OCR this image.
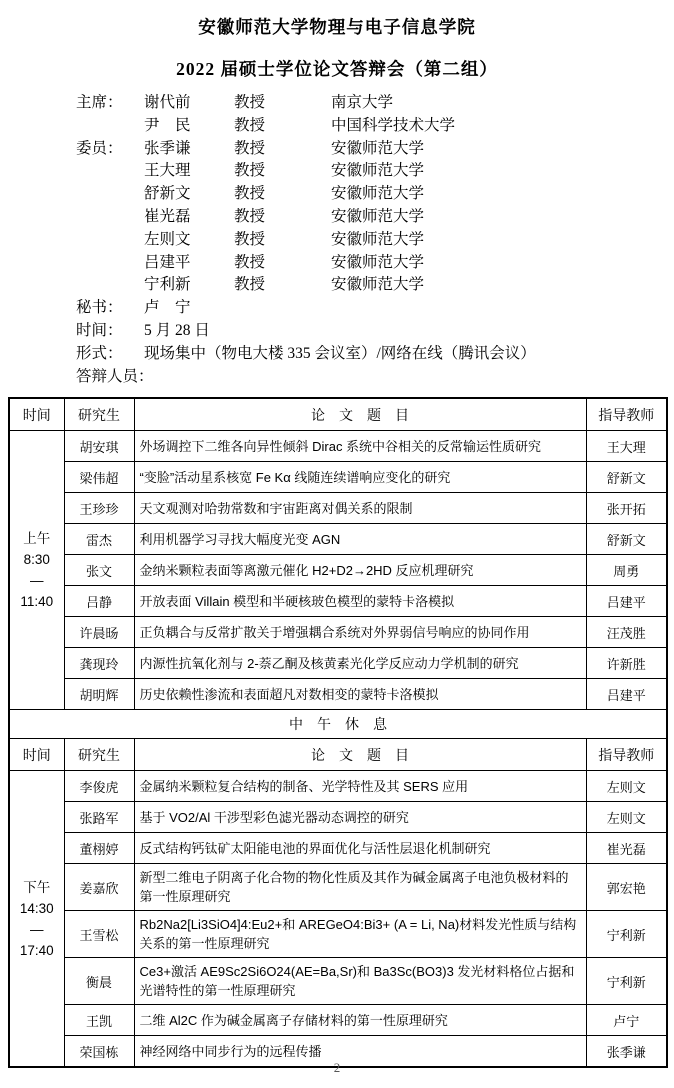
安徽师范大学物理与电子信息学院
2022 届硕士学位论文答辩会（第二组）
主席：	谢代前	教授	南京大学
尹　民	教授	中国科学技术大学
委员：	张季谦	教授	安徽师范大学
王大理	教授	安徽师范大学
舒新文	教授	安徽师范大学
崔光磊	教授	安徽师范大学
左则文	教授	安徽师范大学
吕建平	教授	安徽师范大学
宁利新	教授	安徽师范大学
秘书：	卢　宁
时间：	5 月 28 日
形式：	现场集中（物电大楼 335 会议室）/网络在线（腾讯会议）
答辩人员：
时间	研究生	论　文　题　目	指导教师

上午
8:30
—
11:40	胡安琪	外场调控下二维各向异性倾斜 Dirac 系统中谷相关的反常输运性质研究	王大理
	梁伟超	“变脸”活动星系核宽 Fe Kα 线随连续谱响应变化的研究	舒新文
	王珍珍	天文观测对哈勃常数和宇宙距离对偶关系的限制	张开拓
	雷杰	利用机器学习寻找大幅度光变 AGN	舒新文
	张文	金纳米颗粒表面等离激元催化 H2+D2→2HD 反应机理研究	周勇
	吕静	开放表面 Villain 模型和半硬核玻色模型的蒙特卡洛模拟	吕建平
	许晨旸	正负耦合与反常扩散关于增强耦合系统对外界弱信号响应的协同作用	汪茂胜
	龚现玲	内源性抗氧化剂与 2-萘乙酮及核黄素光化学反应动力学机制的研究	许新胜
	胡明辉	历史依赖性渗流和表面超凡对数相变的蒙特卡洛模拟	吕建平
中　午　休　息			
时间	研究生	论　文　题　目	指导教师

下午
14:30
—
17:40	李俊虎	金属纳米颗粒复合结构的制备、光学特性及其 SERS 应用	左则文
	张路军	基于 VO2/Al 干涉型彩色滤光器动态调控的研究	左则文
	董栩婷	反式结构钙钛矿太阳能电池的界面优化与活性层退化机制研究	崔光磊
	姜嘉欣	新型二维电子阴离子化合物的物化性质及其作为碱金属离子电池负极材料的第一性原理研究	郭宏艳
	王雪松	Rb2Na2[Li3SiO4]4:Eu2+和 AREGeO4:Bi3+ (A = Li, Na)材料发光性质与结构关系的第一性原理研究	宁利新
	衡晨	Ce3+激活 AE9Sc2Si6O24(AE=Ba,Sr)和 Ba3Sc(BO3)3 发光材料格位占据和光谱特性的第一性原理研究	宁利新
	王凯	二维 Al2C 作为碱金属离子存储材料的第一性原理研究	卢宁
	荣国栋	神经网络中同步行为的远程传播	张季谦
2
